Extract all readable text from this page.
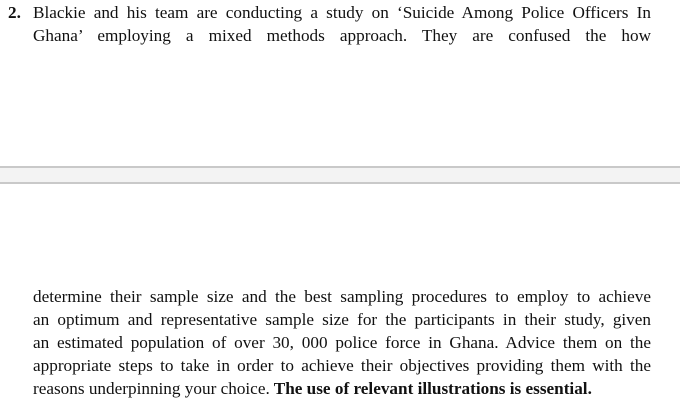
2. Blackie and his team are conducting a study on ‘Suicide Among Police Officers In
Ghana’ employing a mixed methods approach. They are confused the how
determine their sample size and the best sampling procedures to employ to achieve
an optimum and representative sample size for the participants in their study, given
an estimated population of over 30, 000 police force in Ghana. Advice them on the
appropriate steps to take in order to achieve their objectives providing them with the
reasons underpinning your choice. The use of relevant illustrations is essential.
